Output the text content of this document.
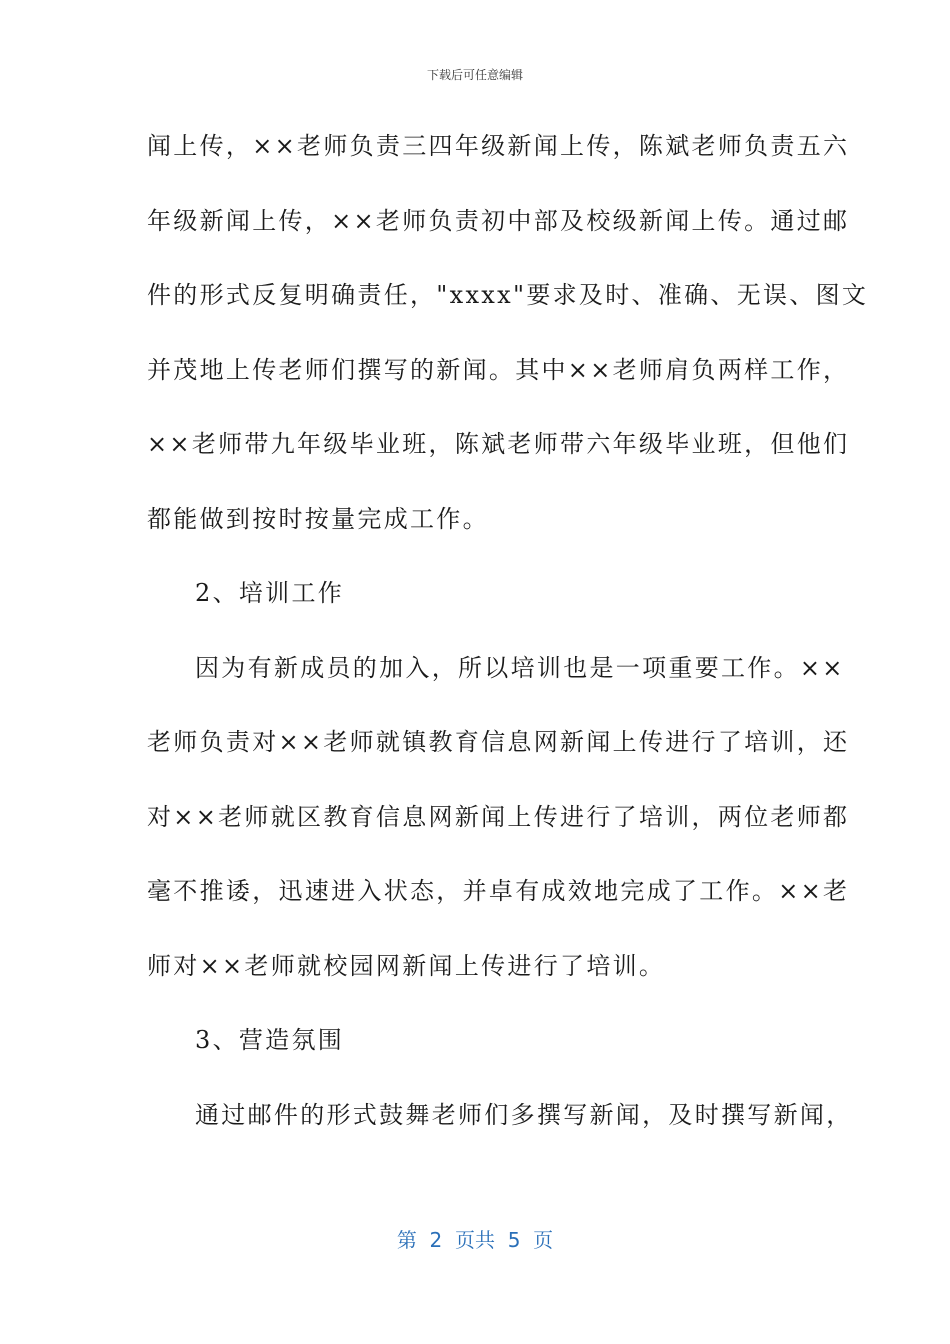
下载后可任意编辑
闻上传，××老师负责三四年级新闻上传，陈斌老师负责五六
年级新闻上传，××老师负责初中部及校级新闻上传。通过邮
件的形式反复明确责任，"xxxx"要求及时、准确、无误、图文
并茂地上传老师们撰写的新闻。其中××老师肩负两样工作，
××老师带九年级毕业班，陈斌老师带六年级毕业班，但他们
都能做到按时按量完成工作。
2、培训工作
因为有新成员的加入，所以培训也是一项重要工作。××
老师负责对××老师就镇教育信息网新闻上传进行了培训，还
对××老师就区教育信息网新闻上传进行了培训，两位老师都
毫不推诿，迅速进入状态，并卓有成效地完成了工作。××老
师对××老师就校园网新闻上传进行了培训。
3、营造氛围
通过邮件的形式鼓舞老师们多撰写新闻，及时撰写新闻，
第  2  页共  5  页
